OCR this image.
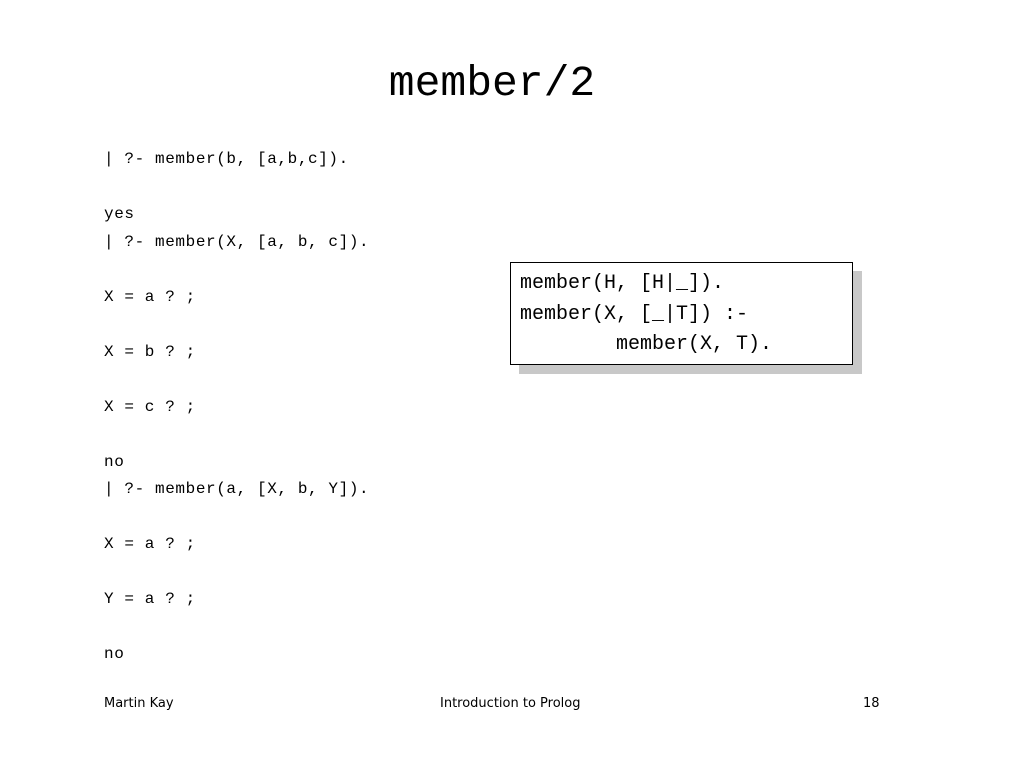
member/2
| ?- member(b, [a,b,c]).
yes
| ?- member(X, [a, b, c]).
X = a ? ;
X = b ? ;
X = c ? ;
no
| ?- member(a, [X, b, Y]).
X = a ? ;
Y = a ? ;
no
member(H, [H|_]).
member(X, [_|T]) :-
member(X, T).
Martin Kay	Introduction to Prolog	18
